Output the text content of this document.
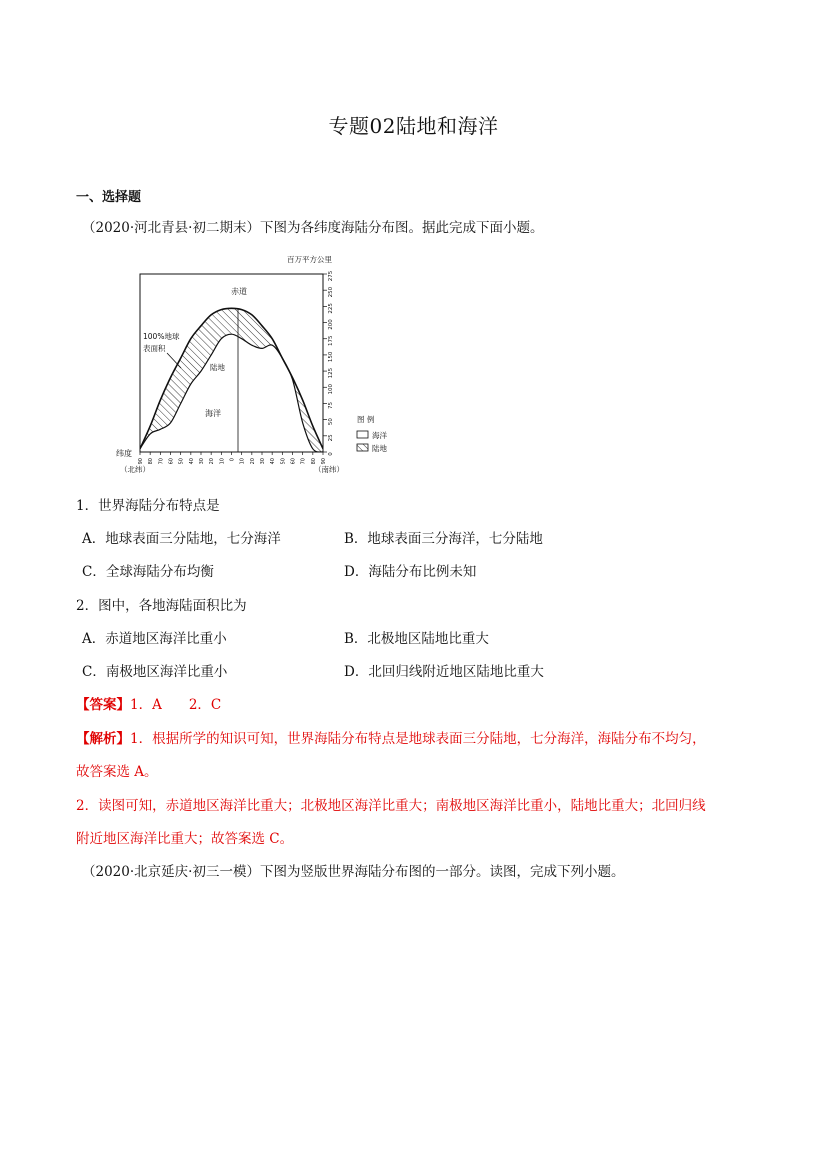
专题02陆地和海洋
一、选择题
（2020·河北青县·初二期末）下图为各纬度海陆分布图。据此完成下面小题。
275
250
225
200
175
150
125
100
75
50
25
0
90 80 70 60 50 40 30 20 10 0 10 20 30 40 50 60 70 80 90
百万平方公里
赤道
100%地球
表面积
陆地
海洋
纬度
（北纬）	（南纬）
图 例
海洋
陆地
1．世界海陆分布特点是
A．地球表面三分陆地，七分海洋	B．地球表面三分海洋，七分陆地
C．全球海陆分布均衡	D．海陆分布比例未知
2．图中，各地海陆面积比为
A．赤道地区海洋比重小	B．北极地区陆地比重大
C．南极地区海洋比重小	D．北回归线附近地区陆地比重大
【答案】1．A　　2．C
【解析】1．根据所学的知识可知，世界海陆分布特点是地球表面三分陆地，七分海洋，海陆分布不均匀，
故答案选 A。
2．读图可知，赤道地区海洋比重大；北极地区海洋比重大；南极地区海洋比重小，陆地比重大；北回归线
附近地区海洋比重大；故答案选 C。
（2020·北京延庆·初三一模）下图为竖版世界海陆分布图的一部分。读图，完成下列小题。
